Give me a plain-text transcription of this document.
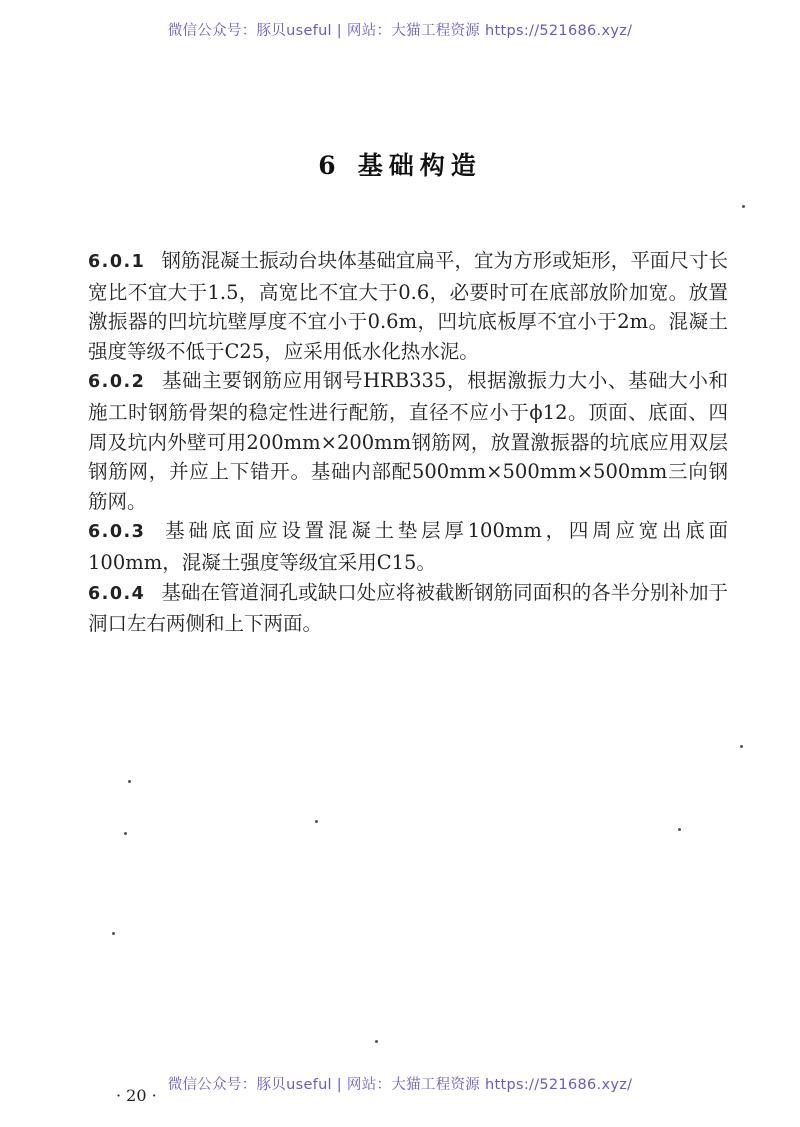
微信公众号：豚贝useful | 网站：大猫工程资源 https://521686.xyz/
6 基础构造

6.0.1 钢筋混凝土振动台块体基础宜扁平，宜为方形或矩形，平面尺寸长宽比不宜大于1.5，高宽比不宜大于0.6，必要时可在底部放阶加宽。放置激振器的凹坑坑壁厚度不宜小于0.6m，凹坑底板厚不宜小于2m。混凝土强度等级不低于C25，应采用低水化热水泥。

6.0.2 基础主要钢筋应用钢号HRB335，根据激振力大小、基础大小和施工时钢筋骨架的稳定性进行配筋，直径不应小于ϕ12。顶面、底面、四周及坑内外壁可用200mm×200mm钢筋网，放置激振器的坑底应用双层钢筋网，并应上下错开。基础内部配500mm×500mm×500mm三向钢筋网。

6.0.3 基础底面应设置混凝土垫层厚100mm，四周应宽出底面100mm，混凝土强度等级宜采用C15。

6.0.4 基础在管道洞孔或缺口处应将被截断钢筋同面积的各半分别补加于洞口左右两侧和上下两面。

微信公众号：豚贝useful | 网站：大猫工程资源 https://521686.xyz/
· 20 ·
